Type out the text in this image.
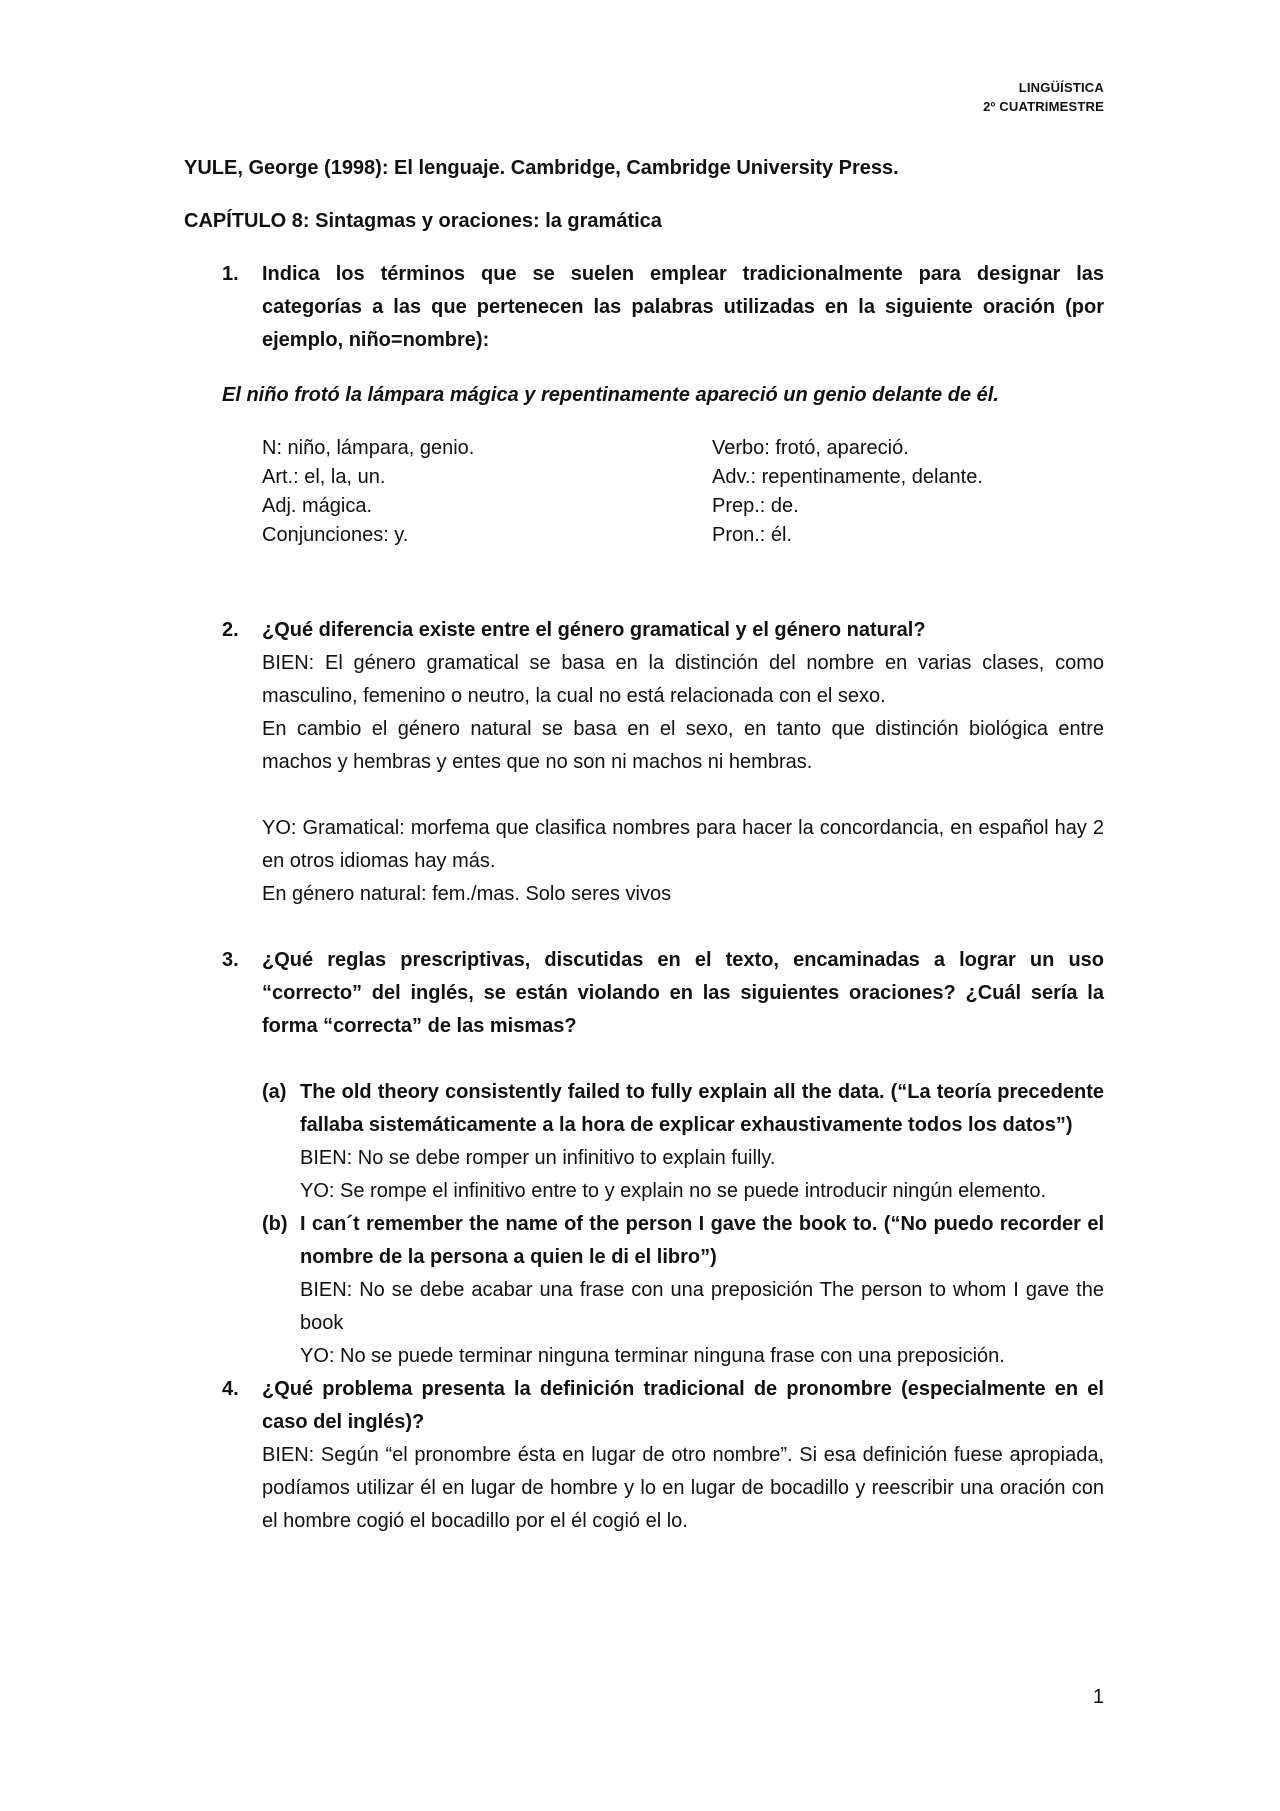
LINGÜÍSTICA
2º CUATRIMESTRE

YULE, George (1998): El lenguaje. Cambridge, Cambridge University Press.

CAPÍTULO 8: Sintagmas y oraciones: la gramática

1. Indica los términos que se suelen emplear tradicionalmente para designar las categorías a las que pertenecen las palabras utilizadas en la siguiente oración (por ejemplo, niño=nombre):
El niño frotó la lámpara mágica y repentinamente apareció un genio delante de él.
N: niño, lámpara, genio.
Art.: el, la, un.
Adj. mágica.
Conjunciones: y.
Verbo: frotó, apareció.
Adv.: repentinamente, delante.
Prep.: de.
Pron.: él.
2. ¿Qué diferencia existe entre el género gramatical y el género natural?
BIEN: El género gramatical se basa en la distinción del nombre en varias clases, como masculino, femenino o neutro, la cual no está relacionada con el sexo.
En cambio el género natural se basa en el sexo, en tanto que distinción biológica entre machos y hembras y entes que no son ni machos ni hembras.
YO: Gramatical: morfema que clasifica nombres para hacer la concordancia, en español hay 2 en otros idiomas hay más.
En género natural: fem./mas. Solo seres vivos
3. ¿Qué reglas prescriptivas, discutidas en el texto, encaminadas a lograr un uso “correcto” del inglés, se están violando en las siguientes oraciones? ¿Cuál sería la forma “correcta” de las mismas?
(a) The old theory consistently failed to fully explain all the data. (“La teoría precedente fallaba sistemáticamente a la hora de explicar exhaustivamente todos los datos”)
BIEN: No se debe romper un infinitivo to explain fuilly.
YO: Se rompe el infinitivo entre to y explain no se puede introducir ningún elemento.
(b) I can´t remember the name of the person I gave the book to. (“No puedo recorder el nombre de la persona a quien le di el libro”)
BIEN: No se debe acabar una frase con una preposición The person to whom I gave the book
YO: No se puede terminar ninguna terminar ninguna frase con una preposición.
4. ¿Qué problema presenta la definición tradicional de pronombre (especialmente en el caso del inglés)?
BIEN: Según “el pronombre ésta en lugar de otro nombre”. Si esa definición fuese apropiada, podíamos utilizar él en lugar de hombre y lo en lugar de bocadillo y reescribir una oración con el hombre cogió el bocadillo por el él cogió el lo.
1
